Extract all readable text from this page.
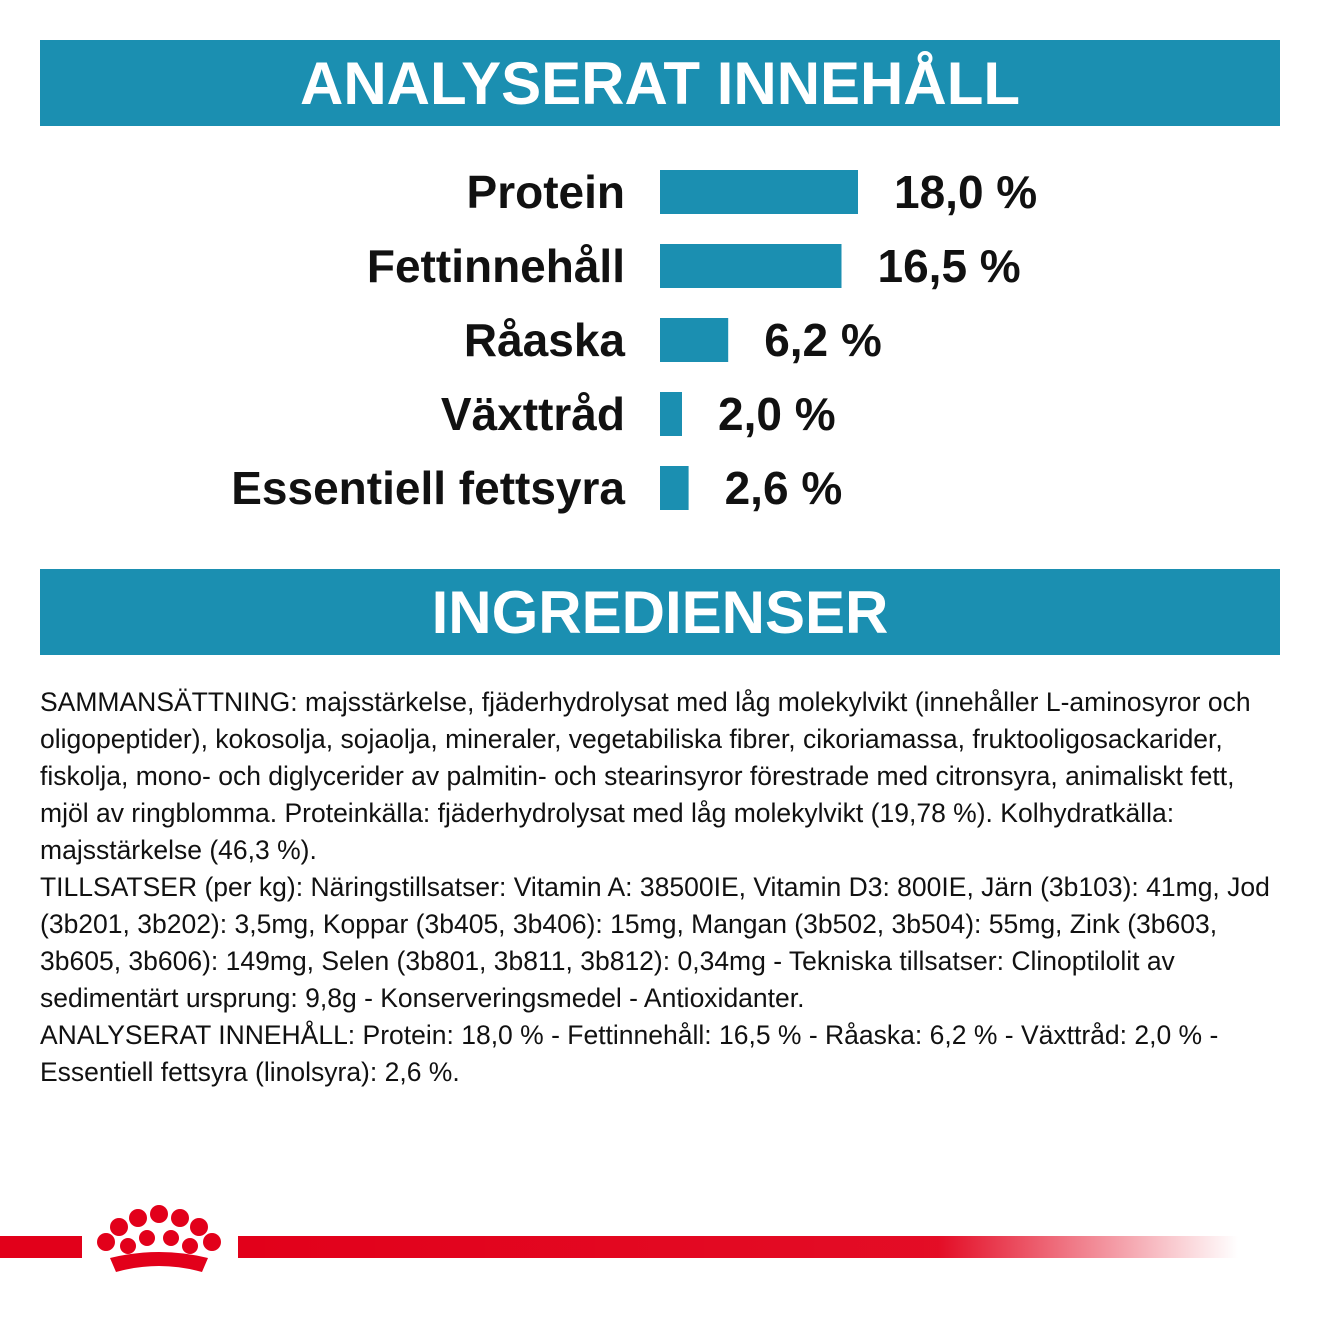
ANALYSERAT INNEHÅLL
Protein	18,0 %
Fettinnehåll	16,5 %
Råaska	6,2 %
Växttråd 2,0 %
Essentiell fettsyra 2,6 %
INGREDIENSER

SAMMANSÄTTNING: majsstärkelse, fjäderhydrolysat med låg molekylvikt (innehåller L-aminosyror och oligopeptider), kokosolja, sojaolja, mineraler, vegetabiliska fibrer, cikoriamassa, fruktooligosackarider, fiskolja, mono- och diglycerider av palmitin- och stearinsyror förestrade med citronsyra, animaliskt fett, mjöl av ringblomma. Proteinkälla: fjäderhydrolysat med låg molekylvikt (19,78 %). Kolhydratkälla: majsstärkelse (46,3 %).

TILLSATSER (per kg): Näringstillsatser: Vitamin A: 38500IE, Vitamin D3: 800IE, Järn (3b103): 41mg, Jod (3b201, 3b202): 3,5mg, Koppar (3b405, 3b406): 15mg, Mangan (3b502, 3b504): 55mg, Zink (3b603, 3b605, 3b606): 149mg, Selen (3b801, 3b811, 3b812): 0,34mg - Tekniska tillsatser: Clinoptilolit av sedimentärt ursprung: 9,8g - Konserveringsmedel - Antioxidanter.

ANALYSERAT INNEHÅLL: Protein: 18,0 % - Fettinnehåll: 16,5 % - Råaska: 6,2 % - Växttråd: 2,0 % - Essentiell fettsyra (linolsyra): 2,6 %.
